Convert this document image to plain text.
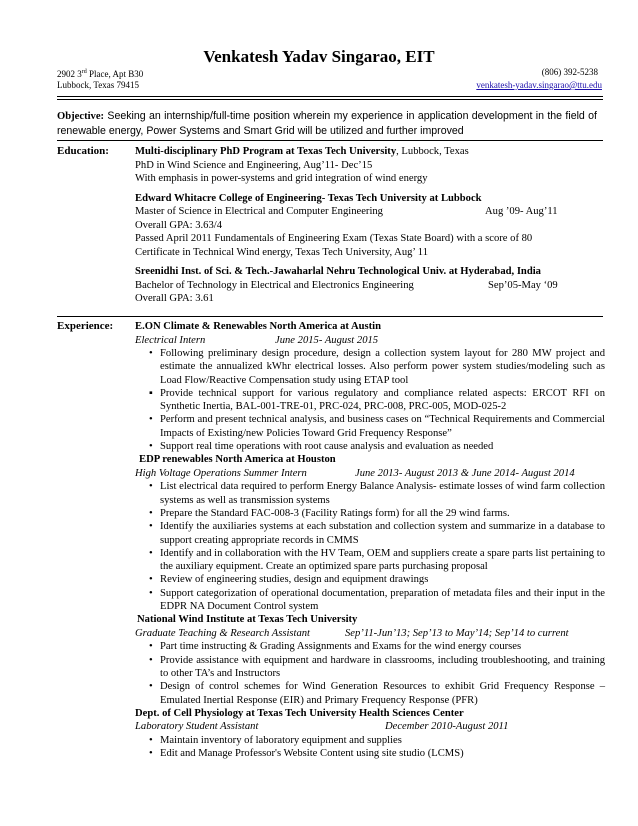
Venkatesh Yadav Singarao, EIT
2902 3rd Place, Apt B30
Lubbock, Texas 79415
(806) 392-5238
venkatesh-yadav.singarao@ttu.edu
Objective: Seeking an internship/full-time position wherein my experience in application development in the field of renewable energy, Power Systems and Smart Grid will be utilized and further improved
Education: Multi-disciplinary PhD Program at Texas Tech University, Lubbock, Texas
PhD in Wind Science and Engineering, Aug’11- Dec’15
With emphasis in power-systems and grid integration of wind energy
Edward Whitacre College of Engineering- Texas Tech University at Lubbock
Master of Science in Electrical and Computer Engineering	Aug ’09- Aug’11
Overall GPA: 3.63/4
Passed April 2011 Fundamentals of Engineering Exam (Texas State Board) with a score of 80
Certificate in Technical Wind energy, Texas Tech University, Aug’ 11
Sreenidhi Inst. of Sci. & Tech.-Jawaharlal Nehru Technological Univ. at Hyderabad, India
Bachelor of Technology in Electrical and Electronics Engineering	Sep’05-May ‘09
Overall GPA: 3.61
Experience: E.ON Climate & Renewables North America at Austin
Electrical Intern	June 2015- August 2015
• Following preliminary design procedure, design a collection system layout for 280 MW project and estimate the annualized kWhr electrical losses. Also perform power system studies/modeling such as Load Flow/Reactive Compensation study using ETAP tool
▪ Provide technical support for various regulatory and compliance related aspects: ERCOT RFI on Synthetic Inertia, BAL-001-TRE-01, PRC-024, PRC-008, PRC-005, MOD-025-2
• Perform and present technical analysis, and business cases on “Technical Requirements and Commercial Impacts of Existing/new Policies Toward Grid Frequency Response”
• Support real time operations with root cause analysis and evaluation as needed
EDP renewables North America at Houston
High Voltage Operations Summer Intern	June 2013- August 2013 & June 2014- August 2014
• List electrical data required to perform Energy Balance Analysis- estimate losses of wind farm collection systems as well as transmission systems
• Prepare the Standard FAC-008-3 (Facility Ratings form) for all the 29 wind farms.
• Identify the auxiliaries systems at each substation and collection system and summarize in a database to support creating appropriate records in CMMS
• Identify and in collaboration with the HV Team, OEM and suppliers create a spare parts list pertaining to the auxiliary equipment. Create an optimized spare parts purchasing proposal
• Review of engineering studies, design and equipment drawings
• Support categorization of operational documentation, preparation of metadata files and their input in the EDPR NA Document Control system
National Wind Institute at Texas Tech University
Graduate Teaching & Research Assistant	Sep’11-Jun’13; Sep’13 to May’14; Sep’14 to current
• Part time instructing & Grading Assignments and Exams for the wind energy courses
• Provide assistance with equipment and hardware in classrooms, including troubleshooting, and training to other TA’s and Instructors
• Design of control schemes for Wind Generation Resources to exhibit Grid Frequency Response – Emulated Inertial Response (EIR) and Primary Frequency Response (PFR)
Dept. of Cell Physiology at Texas Tech University Health Sciences Center
Laboratory Student Assistant	December 2010-August 2011
• Maintain inventory of laboratory equipment and supplies
• Edit and Manage Professor's Website Content using site studio (LCMS)
